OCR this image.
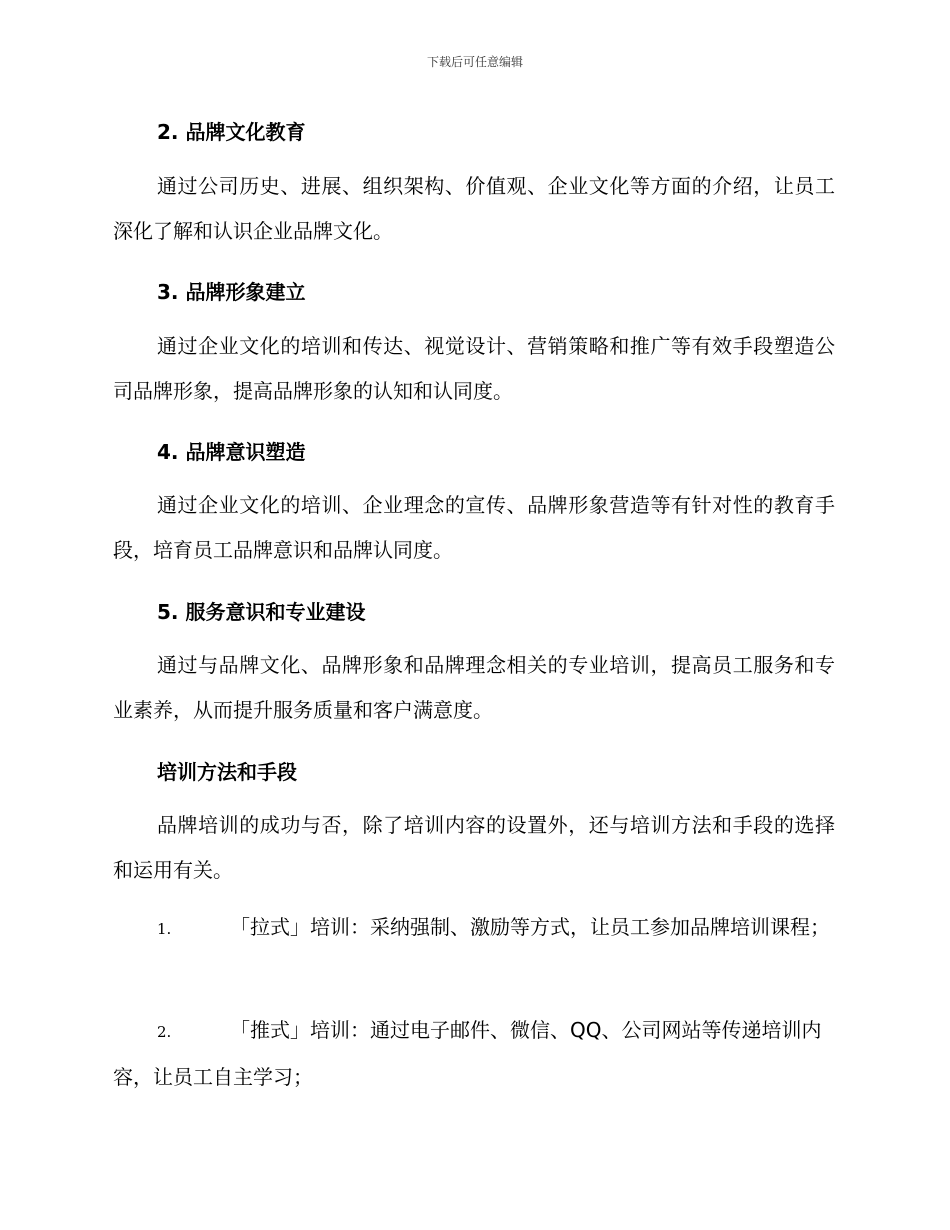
下载后可任意编辑
2. 品牌文化教育
通过公司历史、进展、组织架构、价值观、企业文化等方面的介绍，让员工深化了解和认识企业品牌文化。
3. 品牌形象建立
通过企业文化的培训和传达、视觉设计、营销策略和推广等有效手段塑造公司品牌形象，提高品牌形象的认知和认同度。
4. 品牌意识塑造
通过企业文化的培训、企业理念的宣传、品牌形象营造等有针对性的教育手段，培育员工品牌意识和品牌认同度。
5. 服务意识和专业建设
通过与品牌文化、品牌形象和品牌理念相关的专业培训，提高员工服务和专业素养，从而提升服务质量和客户满意度。
培训方法和手段
品牌培训的成功与否，除了培训内容的设置外，还与培训方法和手段的选择和运用有关。
1.	「拉式」培训：采纳强制、激励等方式，让员工参加品牌培训课程；
2.	「推式」培训：通过电子邮件、微信、QQ、公司网站等传递培训内容，让员工自主学习；
